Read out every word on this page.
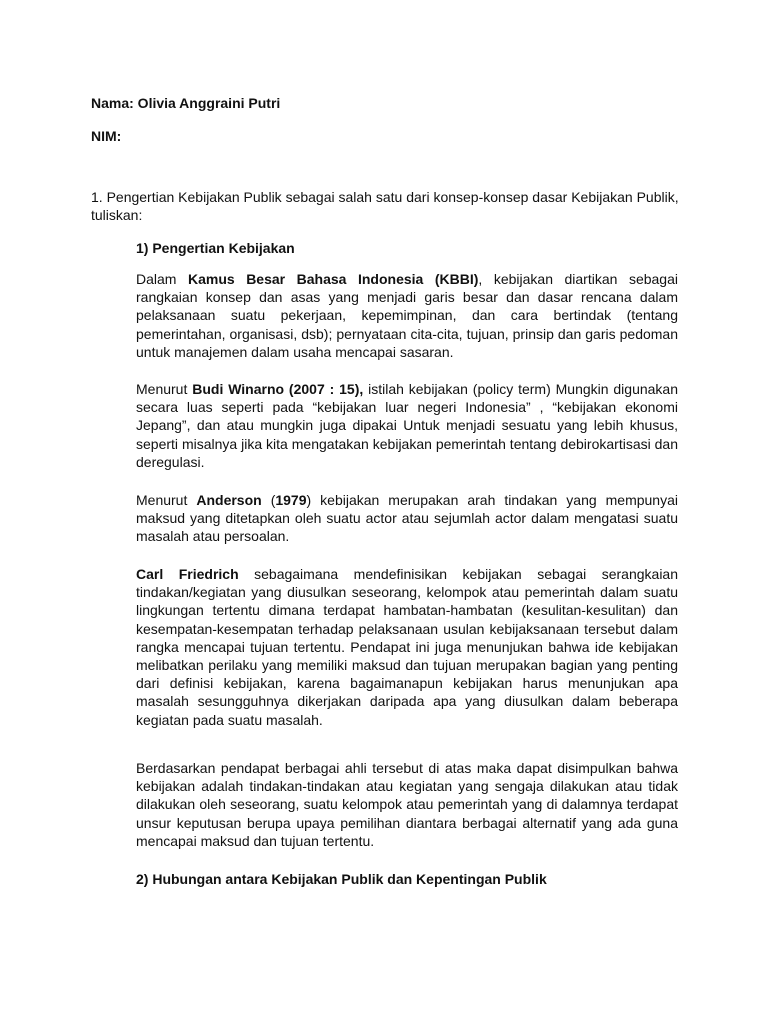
Nama: Olivia Anggraini Putri
NIM:
1. Pengertian Kebijakan Publik sebagai salah satu dari konsep-konsep dasar Kebijakan Publik, tuliskan:
1) Pengertian Kebijakan
Dalam Kamus Besar Bahasa Indonesia (KBBI), kebijakan diartikan sebagai rangkaian konsep dan asas yang menjadi garis besar dan dasar rencana dalam pelaksanaan suatu pekerjaan, kepemimpinan, dan cara bertindak (tentang pemerintahan, organisasi, dsb); pernyataan cita-cita, tujuan, prinsip dan garis pedoman untuk manajemen dalam usaha mencapai sasaran.
Menurut Budi Winarno (2007 : 15), istilah kebijakan (policy term) Mungkin digunakan secara luas seperti pada “kebijakan luar negeri Indonesia” , “kebijakan ekonomi Jepang”, dan atau mungkin juga dipakai Untuk menjadi sesuatu yang lebih khusus, seperti misalnya jika kita mengatakan kebijakan pemerintah tentang debirokartisasi dan deregulasi.
Menurut Anderson (1979) kebijakan merupakan arah tindakan yang mempunyai maksud yang ditetapkan oleh suatu actor atau sejumlah actor dalam mengatasi suatu masalah atau persoalan.
Carl Friedrich sebagaimana mendefinisikan kebijakan sebagai serangkaian tindakan/kegiatan yang diusulkan seseorang, kelompok atau pemerintah dalam suatu lingkungan tertentu dimana terdapat hambatan-hambatan (kesulitan-kesulitan) dan kesempatan-kesempatan terhadap pelaksanaan usulan kebijaksanaan tersebut dalam rangka mencapai tujuan tertentu. Pendapat ini juga menunjukan bahwa ide kebijakan melibatkan perilaku yang memiliki maksud dan tujuan merupakan bagian yang penting dari definisi kebijakan, karena bagaimanapun kebijakan harus menunjukan apa masalah sesungguhnya dikerjakan daripada apa yang diusulkan dalam beberapa kegiatan pada suatu masalah.
Berdasarkan pendapat berbagai ahli tersebut di atas maka dapat disimpulkan bahwa kebijakan adalah tindakan-tindakan atau kegiatan yang sengaja dilakukan atau tidak dilakukan oleh seseorang, suatu kelompok atau pemerintah yang di dalamnya terdapat unsur keputusan berupa upaya pemilihan diantara berbagai alternatif yang ada guna mencapai maksud dan tujuan tertentu.
2) Hubungan antara Kebijakan Publik dan Kepentingan Publik
